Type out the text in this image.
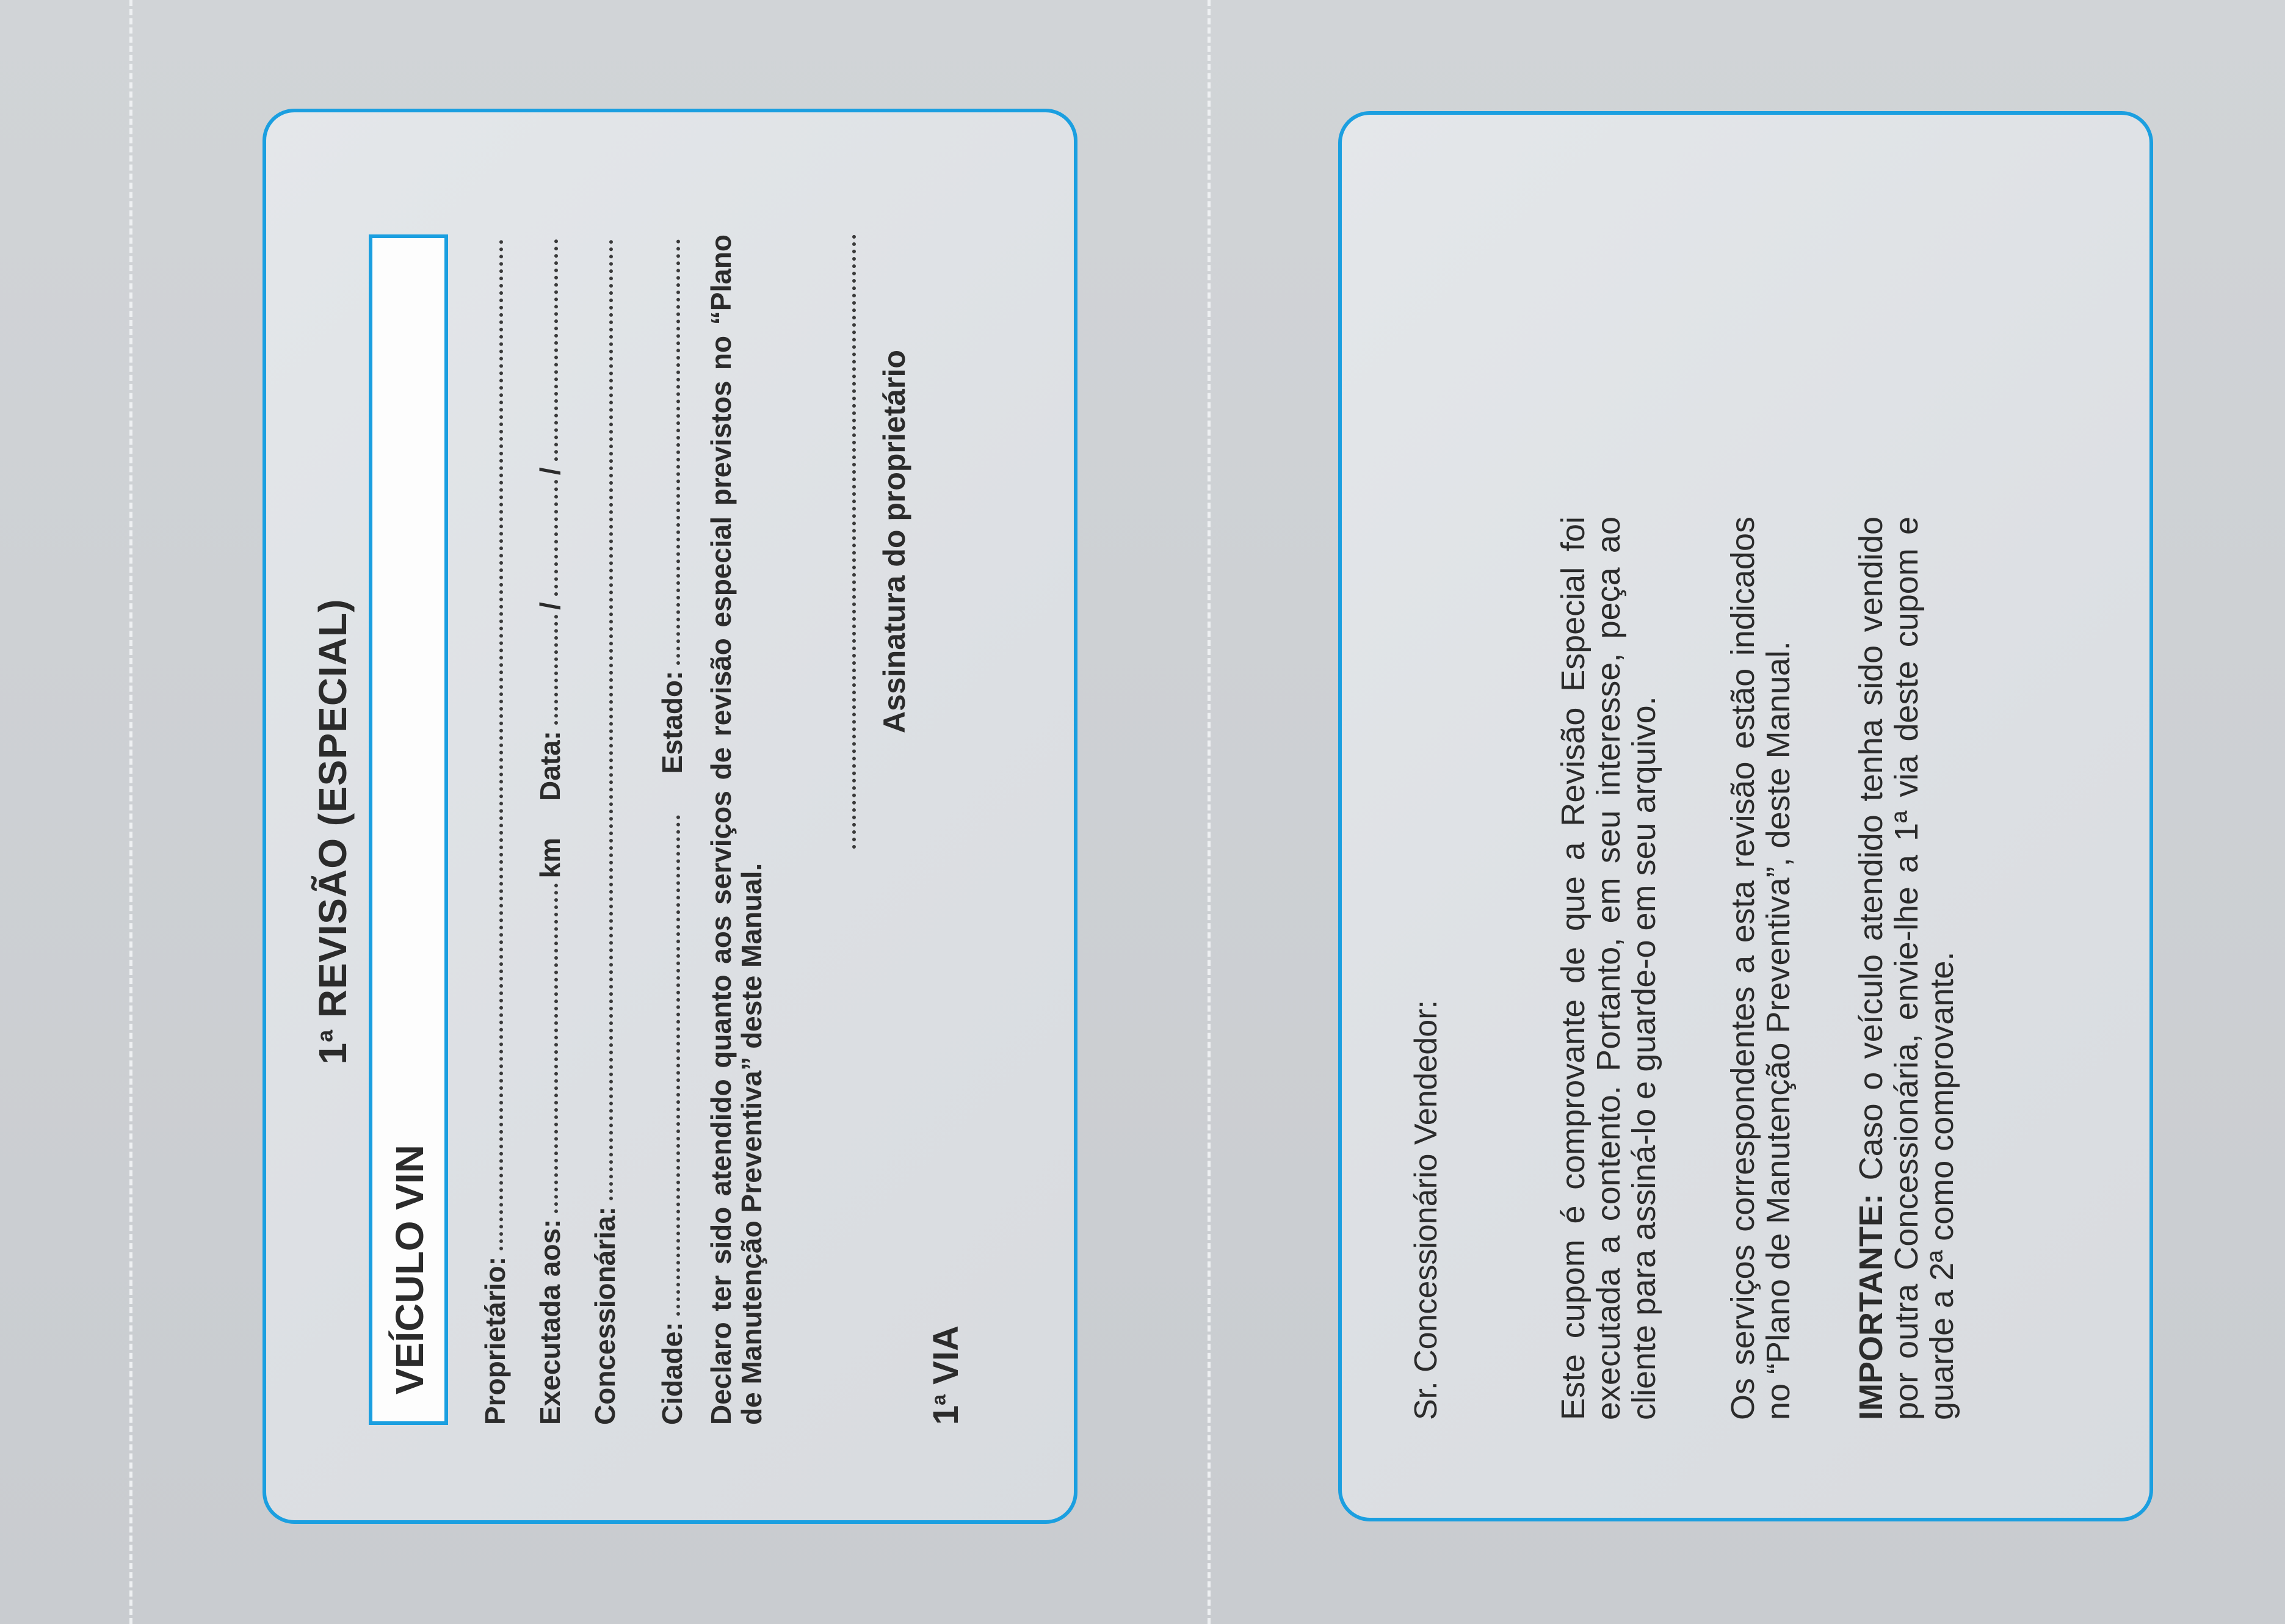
1$^a$ REVISÃO (ESPECIAL)
VEÍCULO VIN Proprietário: Executada aos:
km
Data:
/
/
Concessionária: Cidade:
Estado: Declaro ter sido atendido quanto aos serviços de revisão especial previstos no “Plano de Manutenção Preventiva” deste Manual.
Assinatura do proprietário
1$^a$ VIA	Sr. Concessionário Vendedor:	Este cupom é comprovante de que a Revisão Especial foi executada a contento. Portanto, em seu interesse, peça ao cliente para assiná-lo e guarde-o em seu arquivo. Os serviços correspondentes a esta revisão estão indicados no “Plano de Manutenção Preventiva”, deste Manual. IMPORTANTE: Caso o veículo atendido tenha sido vendido por outra Concessionária, envie-lhe a 1ª via deste cupom e guarde a 2ª como comprovante.
